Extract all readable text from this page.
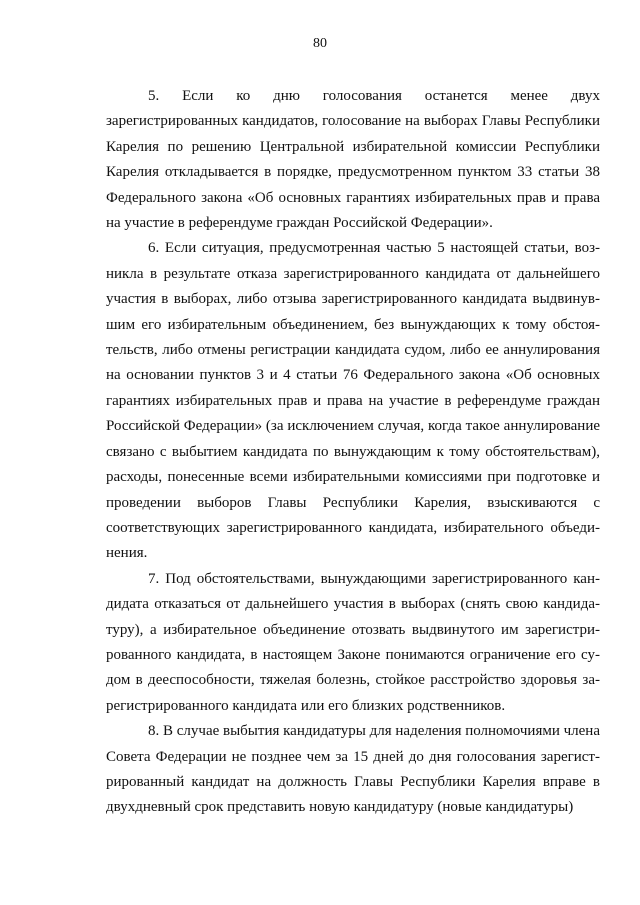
80

5. Если ко дню голосования останется менее двух зарегистрированных кандидатов, голосование на выборах Главы Республики Карелия по решению Центральной избирательной комиссии Республики Карелия откладывается в порядке, предусмотренном пунктом 33 статьи 38 Федерального закона «Об основных гарантиях избирательных прав и права на участие в референдуме граждан Российской Федерации».

6. Если ситуация, предусмотренная частью 5 настоящей статьи, возникла в результате отказа зарегистрированного кандидата от дальнейшего участия в выборах, либо отзыва зарегистрированного кандидата выдвинувшим его избирательным объединением, без вынуждающих к тому обстоятельств, либо отмены регистрации кандидата судом, либо ее аннулирования на основании пунктов 3 и 4 статьи 76 Федерального закона «Об основных гарантиях избирательных прав и права на участие в референдуме граждан Российской Федерации» (за исключением случая, когда такое аннулирование связано с выбытием кандидата по вынуждающим к тому обстоятельствам), расходы, понесенные всеми избирательными комиссиями при подготовке и проведении выборов Главы Республики Карелия, взыскиваются с соответствующих зарегистрированного кандидата, избирательного объединения.

7. Под обстоятельствами, вынуждающими зарегистрированного кандидата отказаться от дальнейшего участия в выборах (снять свою кандидатуру), а избирательное объединение отозвать выдвинутого им зарегистрированного кандидата, в настоящем Законе понимаются ограничение его судом в дееспособности, тяжелая болезнь, стойкое расстройство здоровья зарегистрированного кандидата или его близких родственников.

8. В случае выбытия кандидатуры для наделения полномочиями члена Совета Федерации не позднее чем за 15 дней до дня голосования зарегистрированный кандидат на должность Главы Республики Карелия вправе в двухдневный срок представить новую кандидатуру (новые кандидатуры)
